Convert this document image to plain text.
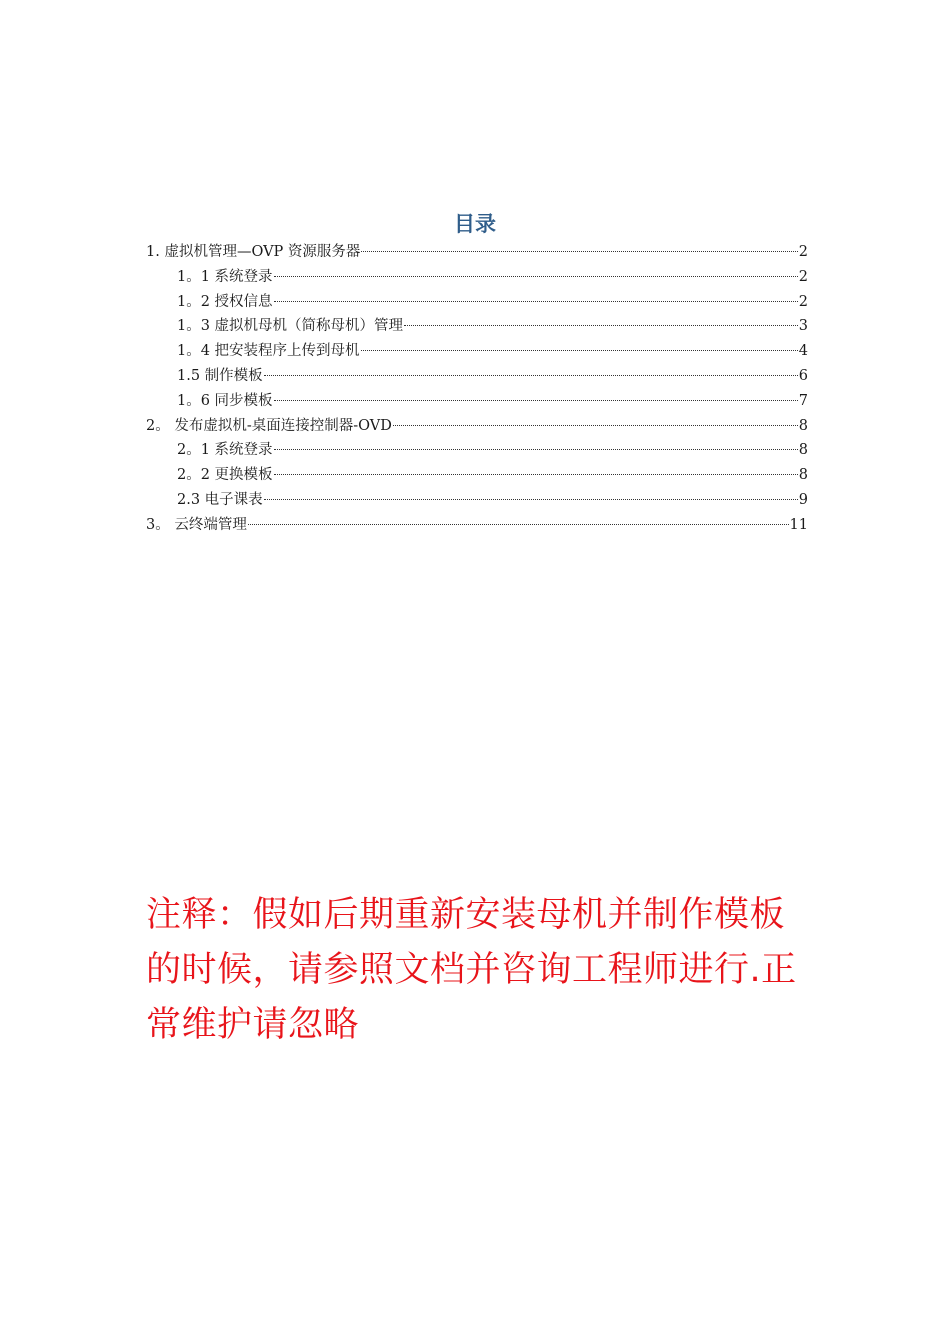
目录
1. 虚拟机管理—OVP 资源服务器	2
1。1 系统登录	2
1。2 授权信息	2
1。3 虚拟机母机（简称母机）管理	3
1。4 把安装程序上传到母机	4
1.5 制作模板	6
1。6 同步模板	7
2。 发布虚拟机-桌面连接控制器-OVD	8
2。1 系统登录	8
2。2 更换模板	8
2.3 电子课表	9
3。 云终端管理	11

注释：假如后期重新安装母机并制作模板的时候，请参照文档并咨询工程师进行.正常维护请忽略
